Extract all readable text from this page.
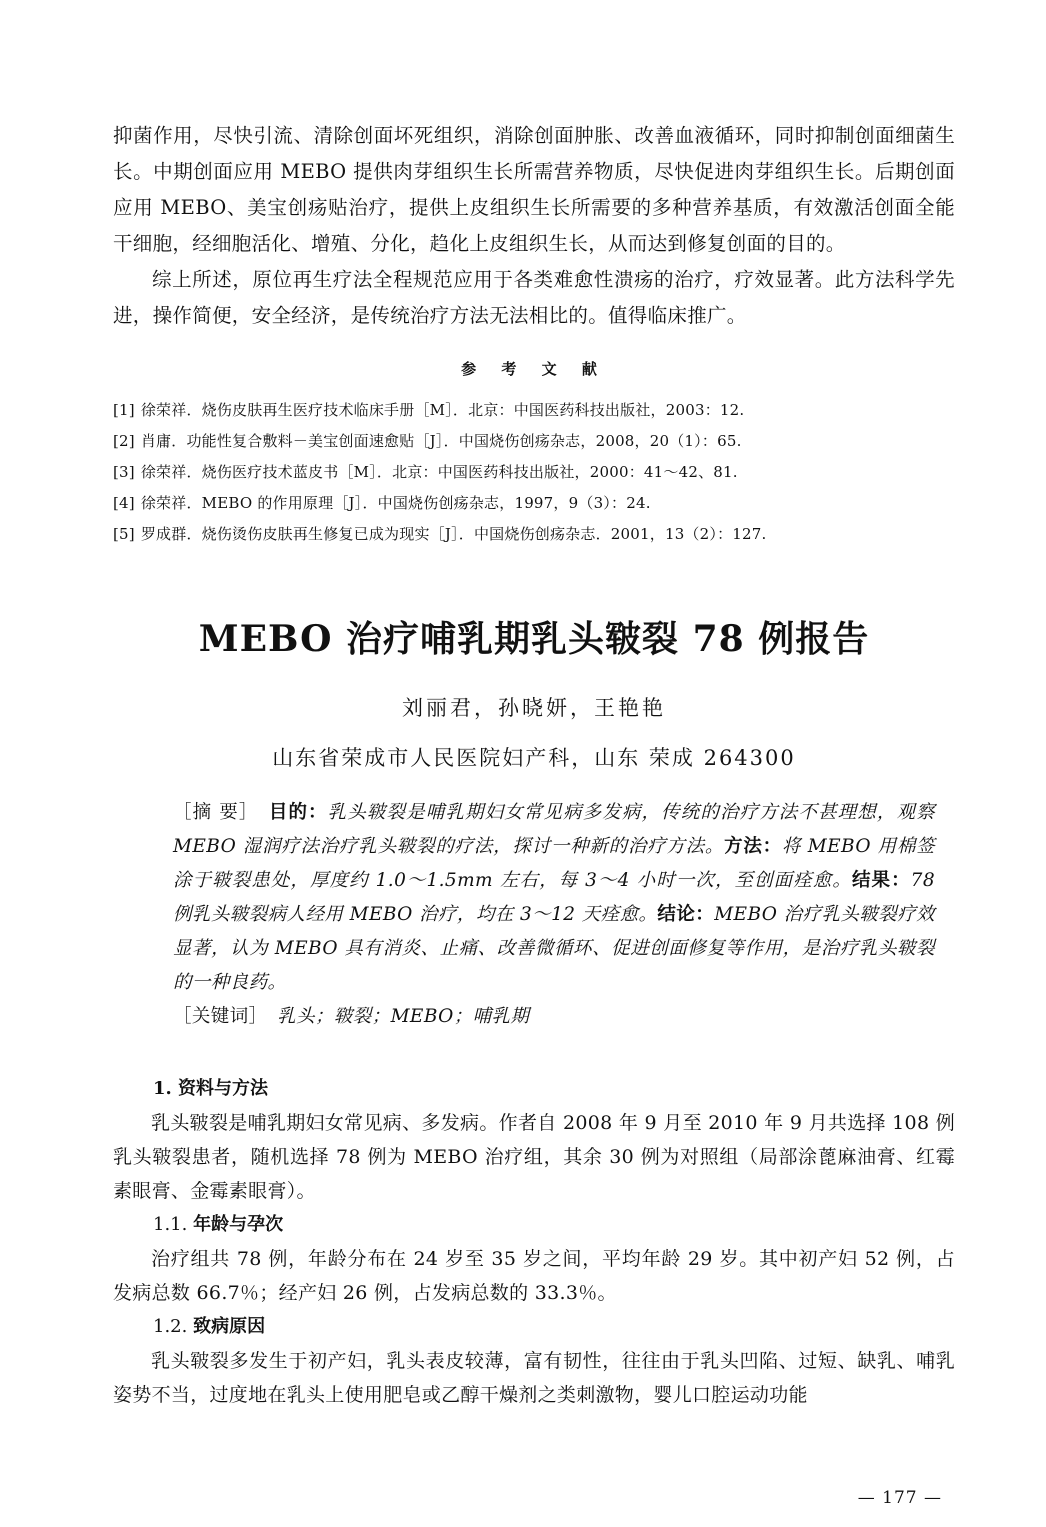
抑菌作用，尽快引流、清除创面坏死组织，消除创面肿胀、改善血液循环，同时抑制创面细菌生长。中期创面应用 MEBO 提供肉芽组织生长所需营养物质，尽快促进肉芽组织生长。后期创面应用 MEBO、美宝创疡贴治疗，提供上皮组织生长所需要的多种营养基质，有效激活创面全能干细胞，经细胞活化、增殖、分化，趋化上皮组织生长，从而达到修复创面的目的。

综上所述，原位再生疗法全程规范应用于各类难愈性溃疡的治疗，疗效显著。此方法科学先进，操作简便，安全经济，是传统治疗方法无法相比的。值得临床推广。

参 考 文 献
[1] 徐荣祥．烧伤皮肤再生医疗技术临床手册［M］．北京：中国医药科技出版社，2003：12.
[2] 肖庸．功能性复合敷料－美宝创面速愈贴［J］．中国烧伤创疡杂志，2008，20（1）：65.
[3] 徐荣祥．烧伤医疗技术蓝皮书［M］．北京：中国医药科技出版社，2000：41～42、81.
[4] 徐荣祥．MEBO 的作用原理［J］．中国烧伤创疡杂志，1997，9（3）：24.
[5] 罗成群．烧伤烫伤皮肤再生修复已成为现实［J］．中国烧伤创疡杂志．2001，13（2）：127.
MEBO 治疗哺乳期乳头皲裂 78 例报告
刘丽君，孙晓妍，王艳艳
山东省荣成市人民医院妇产科，山东 荣成 264300

［摘 要］　 目的：乳头皲裂是哺乳期妇女常见病多发病，传统的治疗方法不甚理想，观察 MEBO 湿润疗法治疗乳头皲裂的疗法，探讨一种新的治疗方法。方法：将 MEBO 用棉签涂于皲裂患处，厚度约 1.0～1.5mm 左右，每 3～4 小时一次，至创面痊愈。结果：78 例乳头皲裂病人经用 MEBO 治疗，均在 3～12 天痊愈。结论：MEBO 治疗乳头皲裂疗效显著，认为 MEBO 具有消炎、止痛、改善微循环、促进创面修复等作用，是治疗乳头皲裂的一种良药。

［关键词］　 乳头；皲裂；MEBO；哺乳期

1. 资料与方法

乳头皲裂是哺乳期妇女常见病、多发病。作者自 2008 年 9 月至 2010 年 9 月共选择 108 例乳头皲裂患者，随机选择 78 例为 MEBO 治疗组，其余 30 例为对照组（局部涂蓖麻油膏、红霉素眼膏、金霉素眼膏）。

1.1. 年龄与孕次

治疗组共 78 例，年龄分布在 24 岁至 35 岁之间，平均年龄 29 岁。其中初产妇 52 例，占发病总数 66.7％；经产妇 26 例，占发病总数的 33.3％。

1.2. 致病原因

乳头皲裂多发生于初产妇，乳头表皮较薄，富有韧性，往往由于乳头凹陷、过短、缺乳、哺乳姿势不当，过度地在乳头上使用肥皂或乙醇干燥剂之类刺激物，婴儿口腔运动功能

— 177 —
